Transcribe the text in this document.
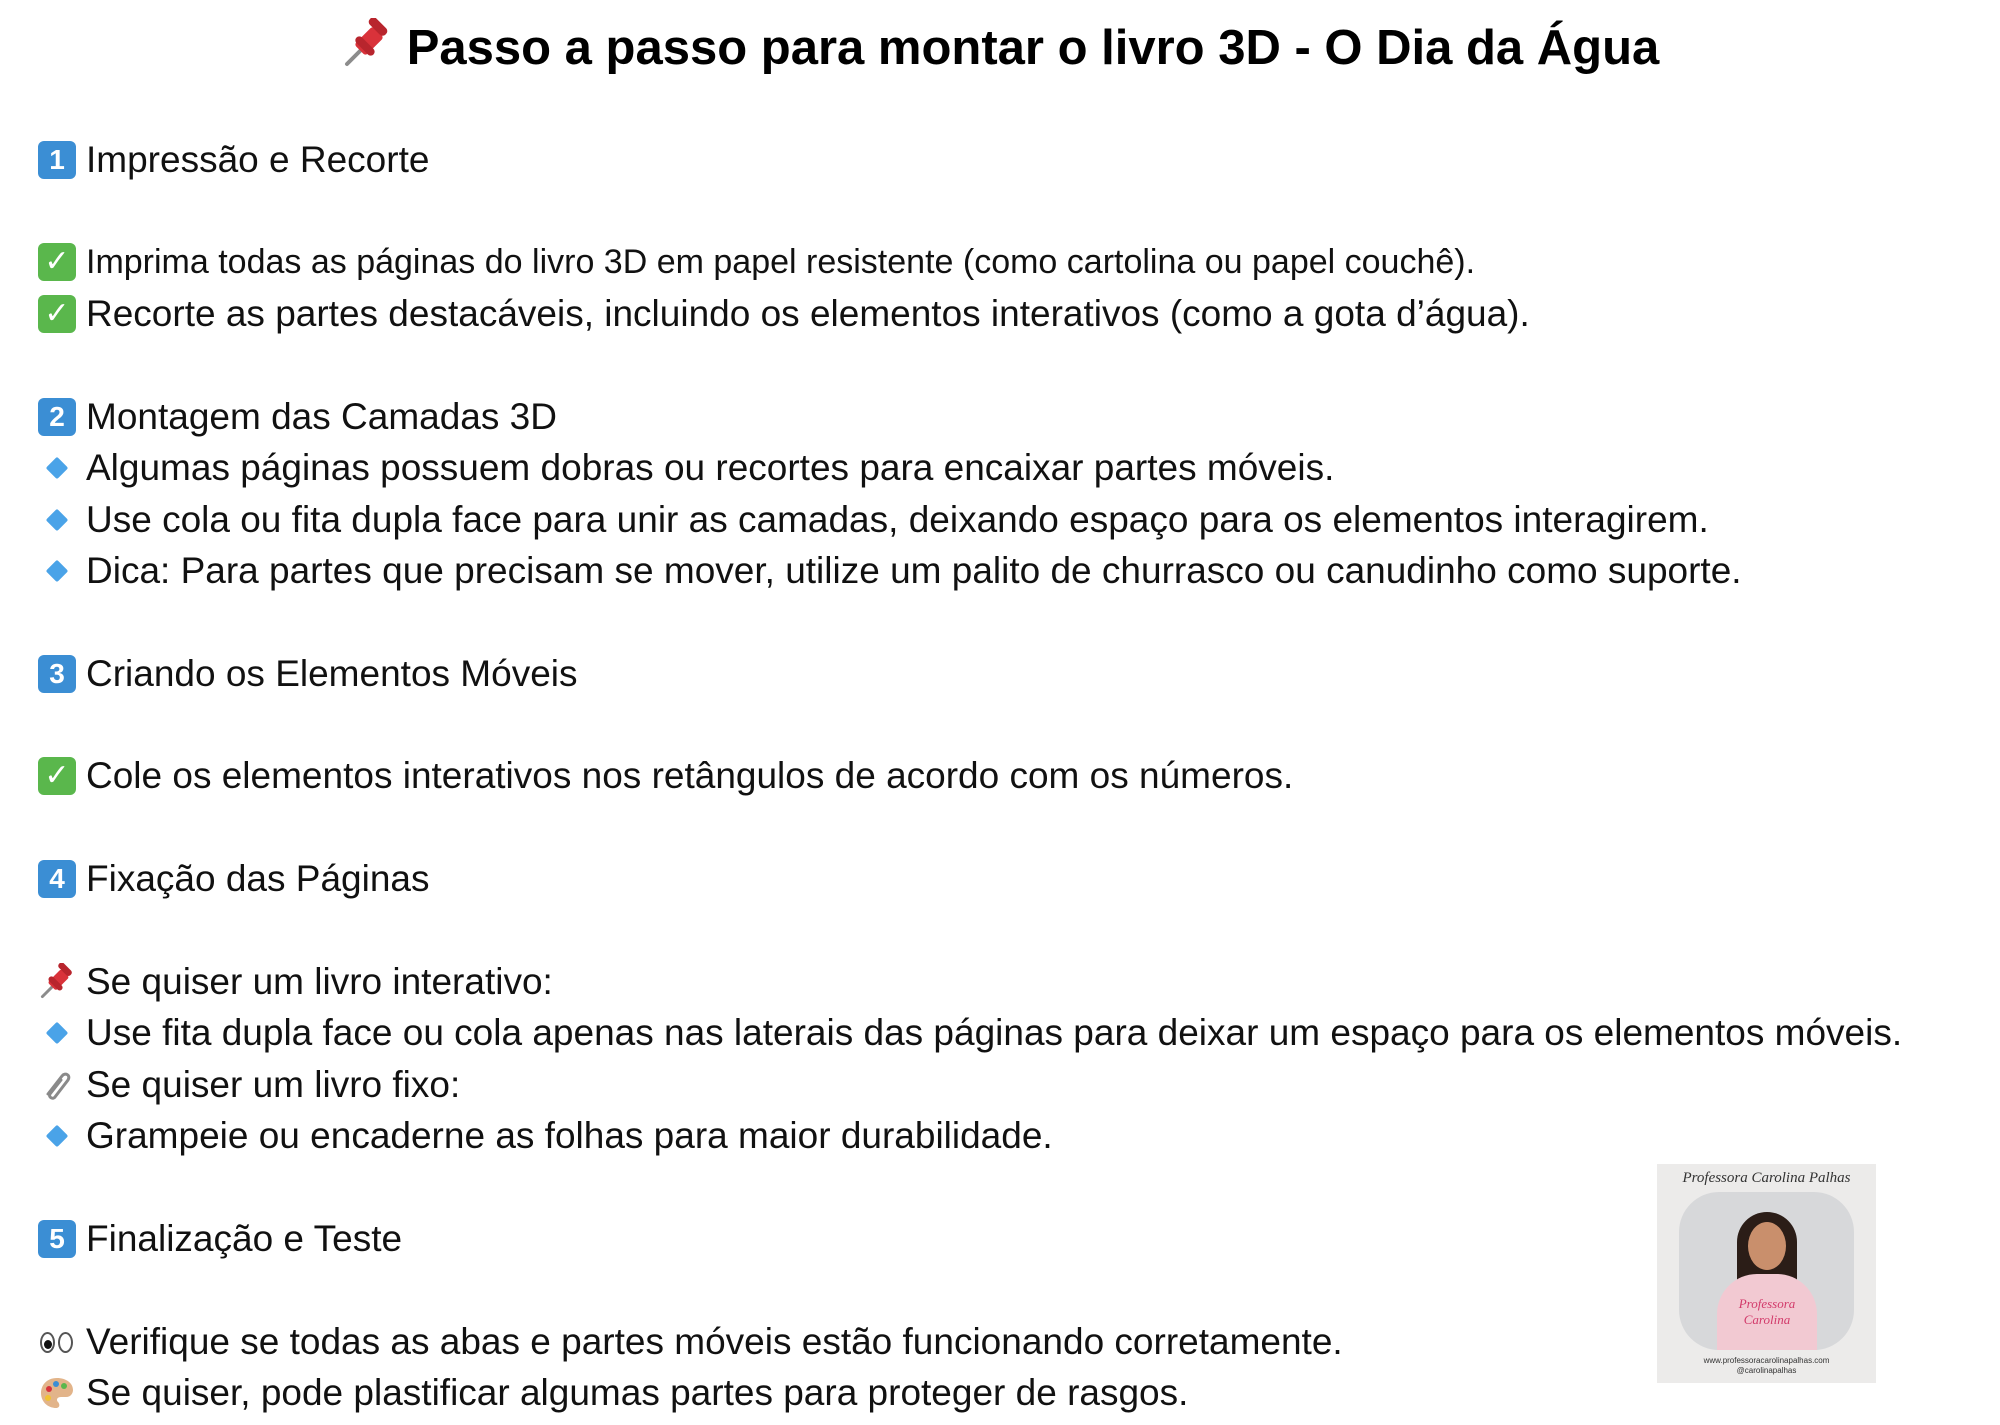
Passo a passo para montar o livro 3D - O Dia da Água
1 Impressão e Recorte
✓ Imprima todas as páginas do livro 3D em papel resistente (como cartolina ou papel couchê).
✓ Recorte as partes destacáveis, incluindo os elementos interativos (como a gota d’água).
2 Montagem das Camadas 3D
Algumas páginas possuem dobras ou recortes para encaixar partes móveis.
Use cola ou fita dupla face para unir as camadas, deixando espaço para os elementos interagirem.
Dica: Para partes que precisam se mover, utilize um palito de churrasco ou canudinho como suporte.
3 Criando os Elementos Móveis
✓ Cole os elementos interativos nos retângulos de acordo com os números.
4 Fixação das Páginas
Se quiser um livro interativo:
Use fita dupla face ou cola apenas nas laterais das páginas para deixar um espaço para os elementos móveis.
Se quiser um livro fixo:
Grampeie ou encaderne as folhas para maior durabilidade.
5 Finalização e Teste
Verifique se todas as abas e partes móveis estão funcionando corretamente.
Se quiser, pode plastificar algumas partes para proteger de rasgos.
Professora Carolina Palhas
Professora Carolina
www.professoracarolinapalhas.com
@carolinapalhas
